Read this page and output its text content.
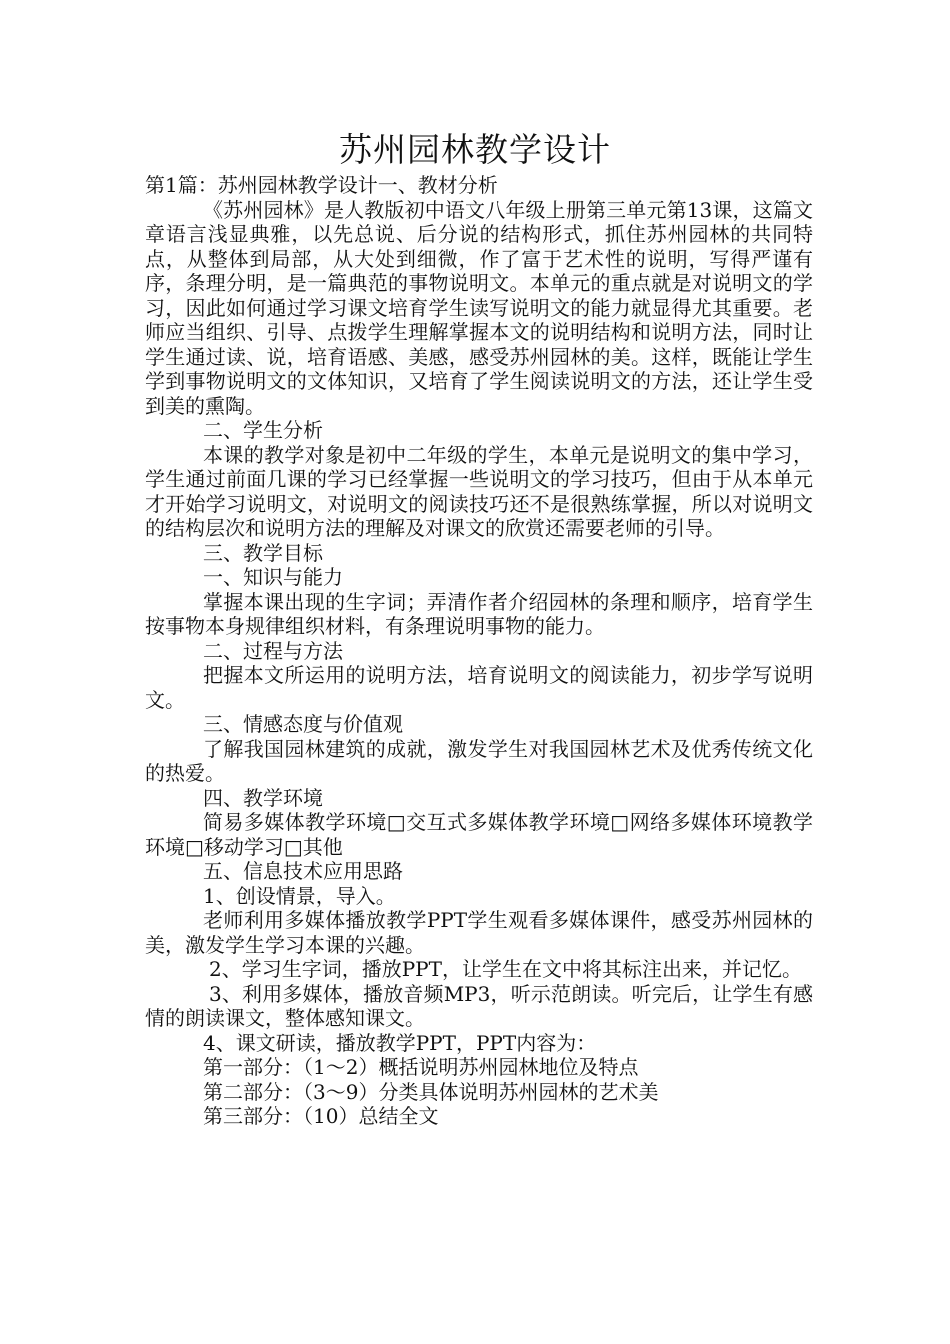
苏州园林教学设计

第1篇：苏州园林教学设计一、教材分析

《苏州园林》是人教版初中语文八年级上册第三单元第13课，这篇文章语言浅显典雅，以先总说、后分说的结构形式，抓住苏州园林的共同特点，从整体到局部，从大处到细微，作了富于艺术性的说明，写得严谨有序，条理分明，是一篇典范的事物说明文。本单元的重点就是对说明文的学习，因此如何通过学习课文培育学生读写说明文的能力就显得尤其重要。老师应当组织、引导、点拨学生理解掌握本文的说明结构和说明方法，同时让学生通过读、说，培育语感、美感，感受苏州园林的美。这样，既能让学生学到事物说明文的文体知识，又培育了学生阅读说明文的方法，还让学生受到美的熏陶。

二、学生分析

本课的教学对象是初中二年级的学生，本单元是说明文的集中学习，学生通过前面几课的学习已经掌握一些说明文的学习技巧，但由于从本单元才开始学习说明文，对说明文的阅读技巧还不是很熟练掌握，所以对说明文的结构层次和说明方法的理解及对课文的欣赏还需要老师的引导。

三、教学目标

一、知识与能力

掌握本课出现的生字词；弄清作者介绍园林的条理和顺序，培育学生按事物本身规律组织材料，有条理说明事物的能力。

二、过程与方法

把握本文所运用的说明方法，培育说明文的阅读能力，初步学写说明文。

三、情感态度与价值观

了解我国园林建筑的成就，激发学生对我国园林艺术及优秀传统文化的热爱。

四、教学环境

简易多媒体教学环境□交互式多媒体教学环境□网络多媒体环境教学环境□移动学习□其他

五、信息技术应用思路

1、创设情景，导入。

老师利用多媒体播放教学PPT学生观看多媒体课件，感受苏州园林的美，激发学生学习本课的兴趣。

2、学习生字词，播放PPT，让学生在文中将其标注出来，并记忆。

3、利用多媒体，播放音频MP3，听示范朗读。听完后，让学生有感情的朗读课文，整体感知课文。

4、课文研读，播放教学PPT，PPT内容为：

第一部分：（1～2）概括说明苏州园林地位及特点

第二部分：（3～9）分类具体说明苏州园林的艺术美

第三部分：（10）总结全文
